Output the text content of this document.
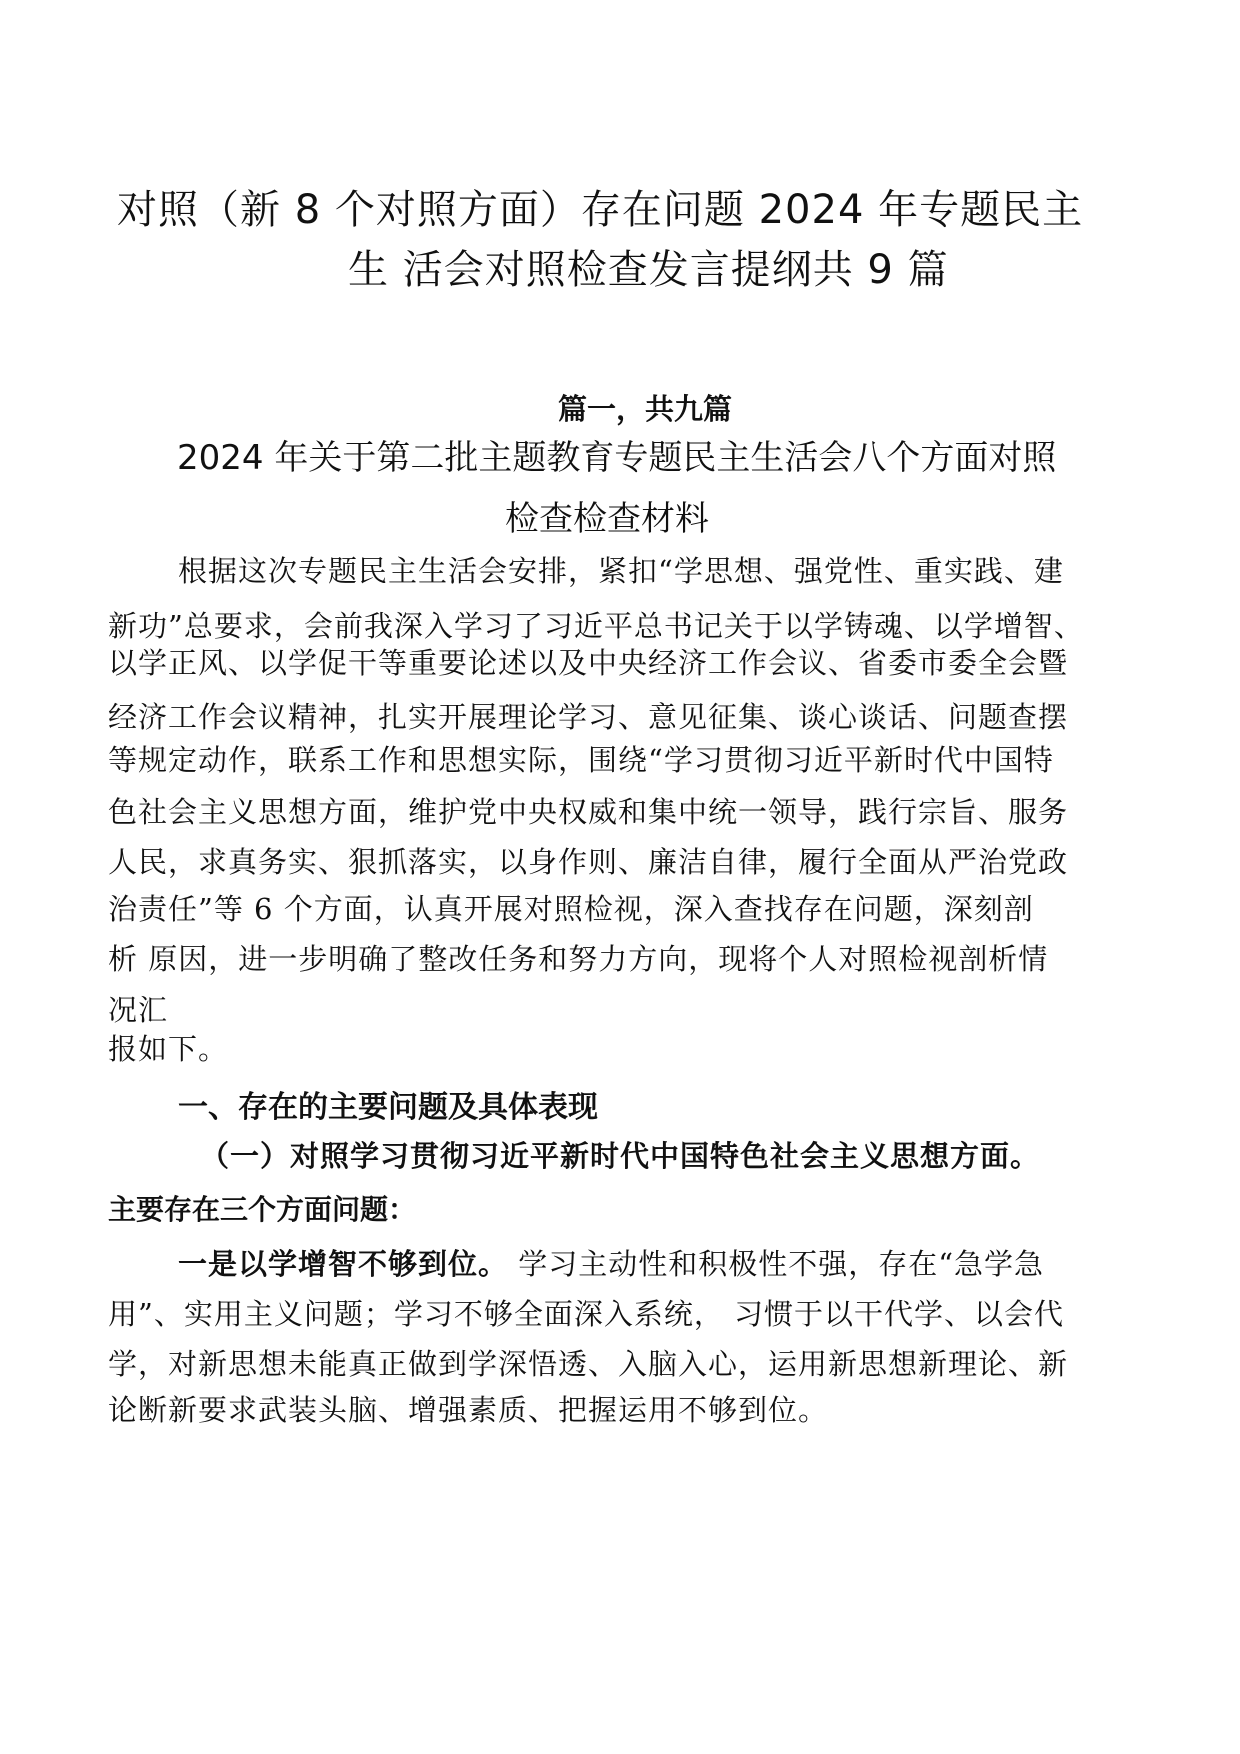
对照（新 8 个对照方面）存在问题 2024 年专题民主
生 活会对照检查发言提纲共 9 篇
篇一，共九篇
2024 年关于第二批主题教育专题民主生活会八个方面对照
检查检查材料
根据这次专题民主生活会安排，紧扣“学思想、强党性、重实践、建
新功”总要求，会前我深入学习了习近平总书记关于以学铸魂、以学增智、
以学正风、以学促干等重要论述以及中央经济工作会议、省委市委全会暨
经济工作会议精神，扎实开展理论学习、意见征集、谈心谈话、问题查摆
等规定动作，联系工作和思想实际，围绕“学习贯彻习近平新时代中国特
色社会主义思想方面，维护党中央权威和集中统一领导，践行宗旨、服务
人民，求真务实、狠抓落实，以身作则、廉洁自律，履行全面从严治党政
治责任”等 6 个方面，认真开展对照检视，深入查找存在问题，深刻剖
析 原因，进一步明确了整改任务和努力方向，现将个人对照检视剖析情
况汇
报如下。
一、存在的主要问题及具体表现
（一）对照学习贯彻习近平新时代中国特色社会主义思想方面。
主要存在三个方面问题：
一是以学增智不够到位。 学习主动性和积极性不强，存在“急学急
用”、实用主义问题；学习不够全面深入系统， 习惯于以干代学、以会代
学，对新思想未能真正做到学深悟透、入脑入心，运用新思想新理论、新
论断新要求武装头脑、增强素质、把握运用不够到位。
